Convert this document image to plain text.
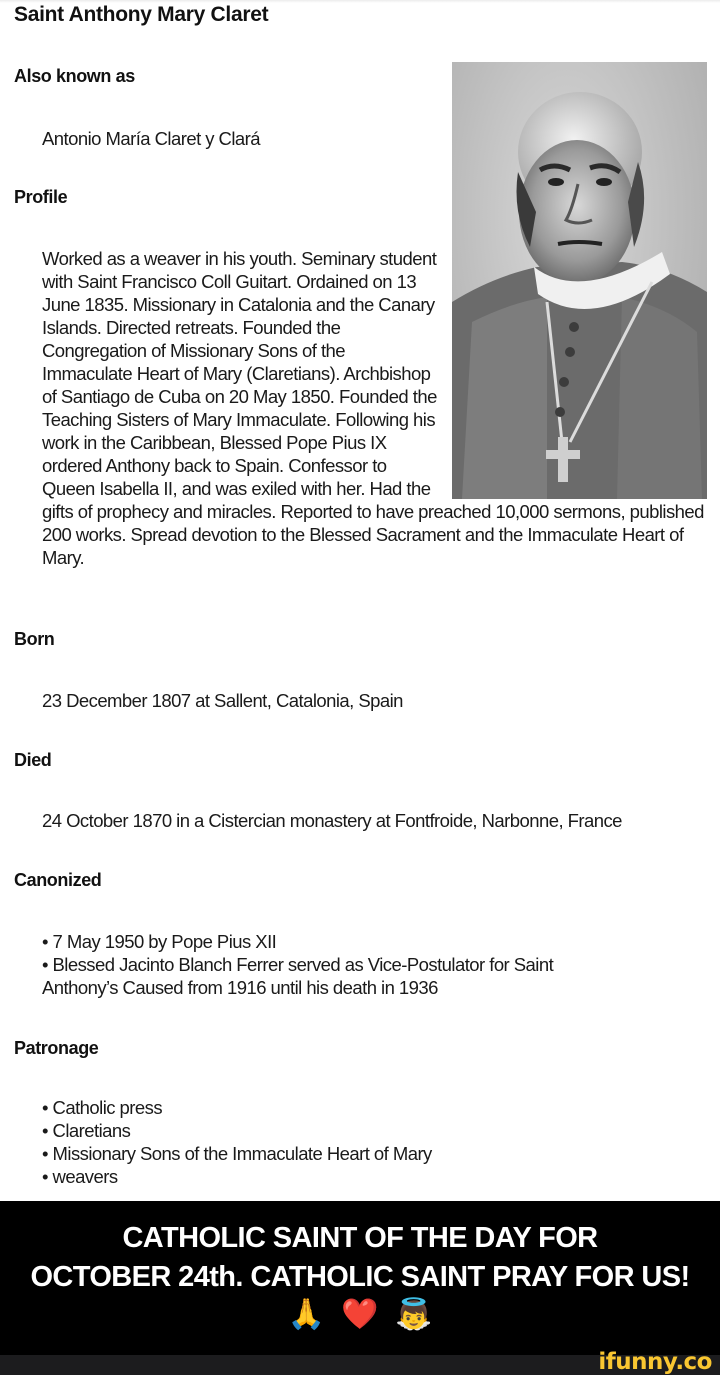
Saint Anthony Mary Claret
Also known as
Antonio María Claret y Clará
Profile
Worked as a weaver in his youth. Seminary student with Saint Francisco Coll Guitart. Ordained on 13 June 1835. Missionary in Catalonia and the Canary Islands. Directed retreats. Founded the Congregation of Missionary Sons of the Immaculate Heart of Mary (Claretians). Archbishop of Santiago de Cuba on 20 May 1850. Founded the Teaching Sisters of Mary Immaculate. Following his work in the Caribbean, Blessed Pope Pius IX ordered Anthony back to Spain. Confessor to Queen Isabella II, and was exiled with her. Had the gifts of prophecy and miracles. Reported to have preached 10,000 sermons, published 200 works. Spread devotion to the Blessed Sacrament and the Immaculate Heart of Mary.
Born
23 December 1807 at Sallent, Catalonia, Spain
Died
24 October 1870 in a Cistercian monastery at Fontfroide, Narbonne, France
Canonized
• 7 May 1950 by Pope Pius XII
• Blessed Jacinto Blanch Ferrer served as Vice-Postulator for Saint
Anthony’s Caused from 1916 until his death in 1936
Patronage
• Catholic press
• Claretians
• Missionary Sons of the Immaculate Heart of Mary
• weavers
CATHOLIC SAINT OF THE DAY FOR
OCTOBER 24th. CATHOLIC SAINT PRAY FOR US!
🙏 ❤️ 👼
ifunny.co
